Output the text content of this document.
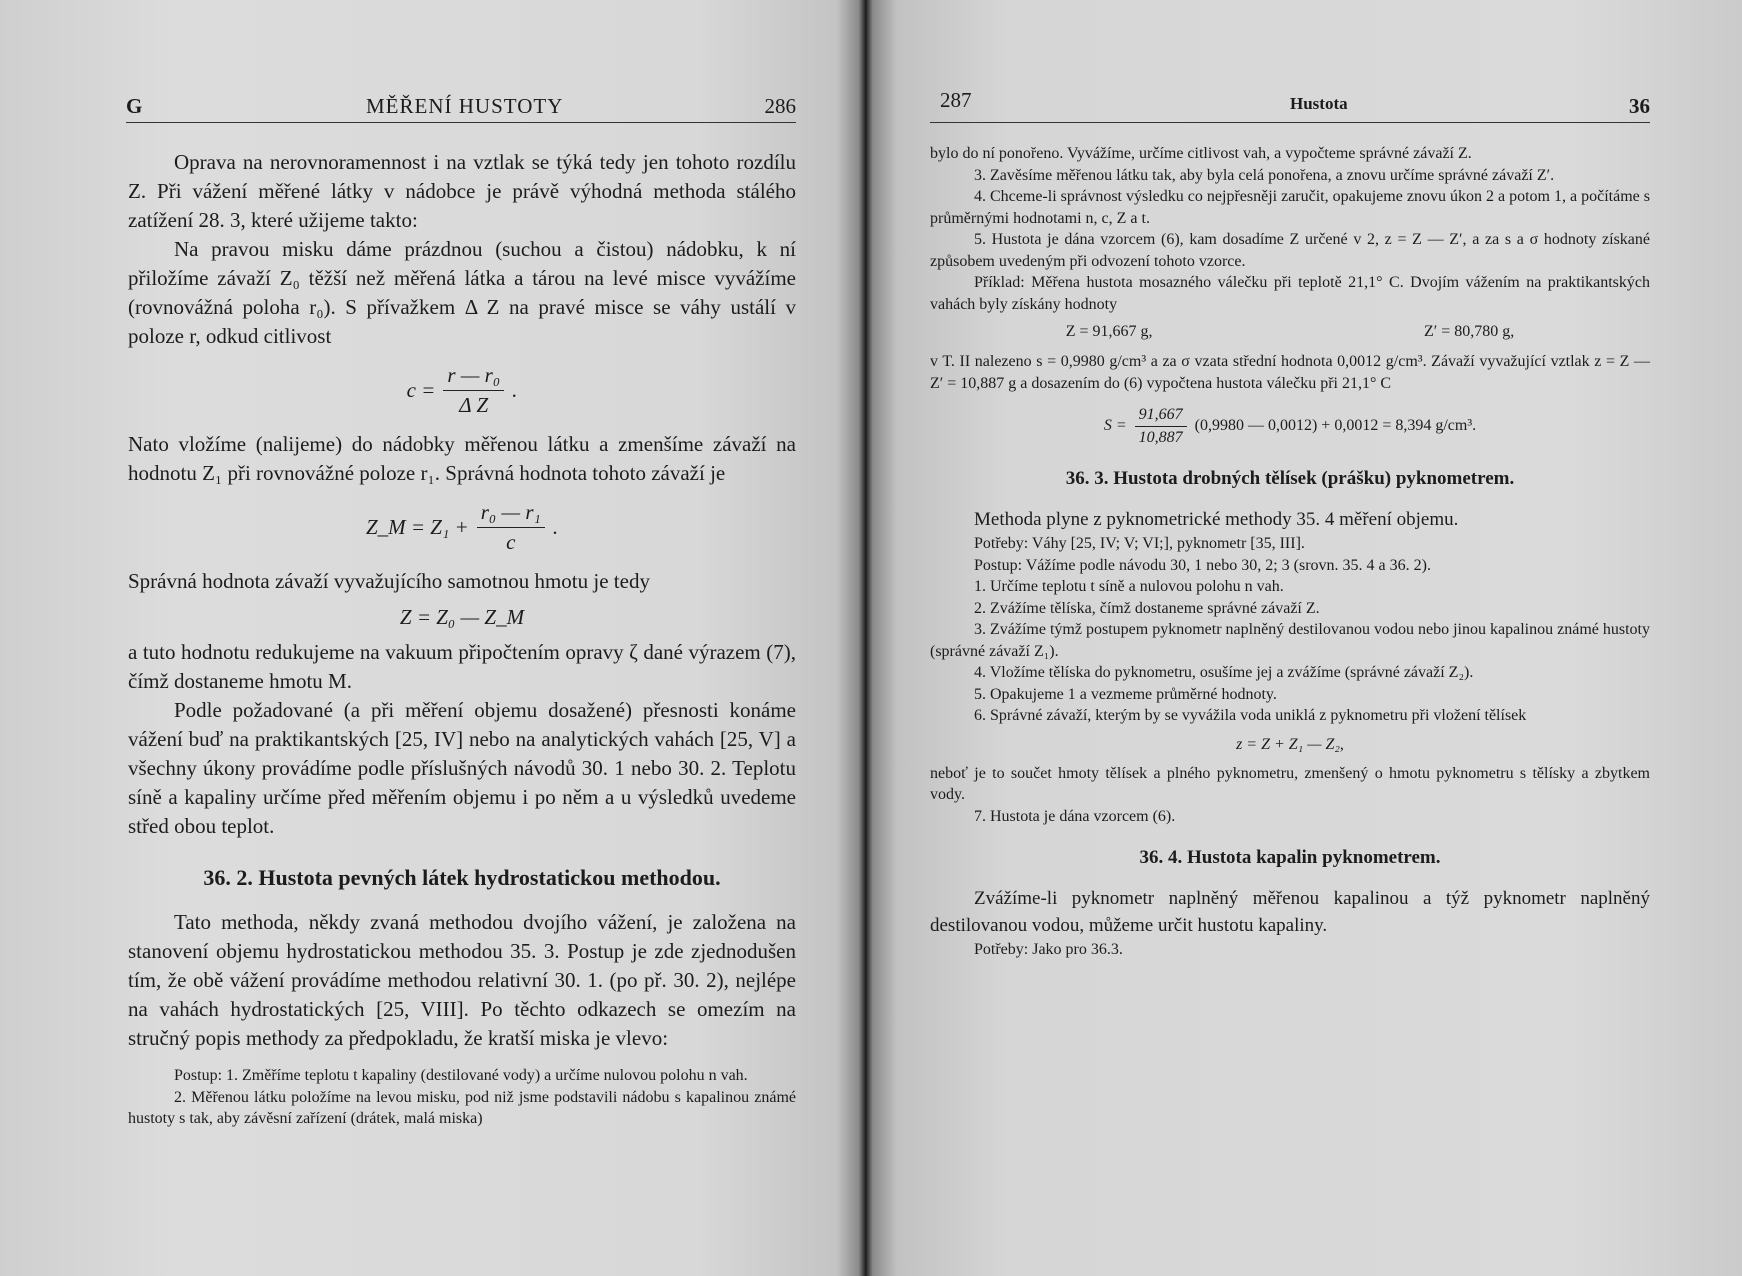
G	MĚŘENÍ HUSTOTY	286

Oprava na nerovnoramennost i na vztlak se týká tedy jen tohoto rozdílu Z. Při vážení měřené látky v nádobce je právě výhodná methoda stálého zatížení 28. 3, které užijeme takto:

Na pravou misku dáme prázdnou (suchou a čistou) nádobku, k ní přiložíme závaží Z₀ těžší než měřená látka a tárou na levé misce vyvážíme (rovnovážná poloha r₀). S přívažkem Δ Z na pravé misce se váhy ustálí v poloze r, odkud citlivost

$c = \frac{\text{r — r₀}}{\text{Δ Z}}$ .

Nato vložíme (nalijeme) do nádobky měřenou látku a zmenšíme závaží na hodnotu Z₁ při rovnovážné poloze r₁. Správná hodnota tohoto závaží je

Z_M = $Z_1 + \frac{\text{r₀ — r₁}}{c}$ .

Správná hodnota závaží vyvažujícího samotnou hmotu je tedy

Z = Z₀ — Z_M

a tuto hodnotu redukujeme na vakuum připočtením opravy ζ dané výrazem (7), čímž dostaneme hmotu M.

Podle požadované (a při měření objemu dosažené) přesnosti konáme vážení buď na praktikantských [25, IV] nebo na analytických vahách [25, V] a všechny úkony provádíme podle příslušných návodů 30. 1 nebo 30. 2. Teplotu síně a kapaliny určíme před měřením objemu i po něm a u výsledků uvedeme střed obou teplot.

36. 2. Hustota pevných látek hydrostatickou methodou.

Tato methoda, někdy zvaná methodou dvojího vážení, je založena na stanovení objemu hydrostatickou methodou 35. 3. Postup je zde zjednodušen tím, že obě vážení provádíme methodou relativní 30. 1. (po př. 30. 2), nejlépe na vahách hydrostatických [25, VIII]. Po těchto odkazech se omezím na stručný popis methody za předpokladu, že kratší miska je vlevo:

Postup: 1. Změříme teplotu t kapaliny (destilované vody) a určíme nulovou polohu n vah.

2. Měřenou látku položíme na levou misku, pod niž jsme podstavili nádobu s kapalinou známé hustoty s tak, aby závěsní zařízení (drátek, malá miska)

287	Hustota	36

bylo do ní ponořeno. Vyvážíme, určíme citlivost vah, a vypočteme správné závaží Z.

3. Zavěsíme měřenou látku tak, aby byla celá ponořena, a znovu určíme správné závaží Z′.

4. Chceme-li správnost výsledku co nejpřesněji zaručit, opakujeme znovu úkon 2 a potom 1, a počítáme s průměrnými hodnotami n, c, Z a t.

5. Hustota je dána vzorcem (6), kam dosadíme Z určené v 2, z = Z — Z′, a za s a σ hodnoty získané způsobem uvedeným při odvození tohoto vzorce.

Příklad: Měřena hustota mosazného válečku při teplotě 21,1° C. Dvojím vážením na praktikantských vahách byly získány hodnoty

Z = 91,667 g,	Z′ = 80,780 g,

v T. II nalezeno s = 0,9980 g/cm³ a za σ vzata střední hodnota 0,0012 g/cm³. Závaží vyvažující vztlak z = Z — Z′ = 10,887 g a dosazením do (6) vypočtena hustota válečku při 21,1° C

$S = \frac{91,667}{10,887} (0,9980$ — 0,0012) + 0,0012 = 8,394 g/cm³.
36. 3. Hustota drobných tělísek (prášku) pyknometrem.

Methoda plyne z pyknometrické methody 35. 4 měření objemu.

Potřeby: Váhy [25, IV; V; VI;], pyknometr [35, III].

Postup: Vážíme podle návodu 30, 1 nebo 30, 2; 3 (srovn. 35. 4 a 36. 2).

1. Určíme teplotu t síně a nulovou polohu n vah.

2. Zvážíme tělíska, čímž dostaneme správné závaží Z.

3. Zvážíme týmž postupem pyknometr naplněný destilovanou vodou nebo jinou kapalinou známé hustoty (správné závaží Z₁).

4. Vložíme tělíska do pyknometru, osušíme jej a zvážíme (správné závaží Z₂).

5. Opakujeme 1 a vezmeme průměrné hodnoty.

6. Správné závaží, kterým by se vyvážila voda uniklá z pyknometru při vložení tělísek

z = Z + Z₁ — Z₂,

neboť je to součet hmoty tělísek a plného pyknometru, zmenšený o hmotu pyknometru s tělísky a zbytkem vody.

7. Hustota je dána vzorcem (6).

36. 4. Hustota kapalin pyknometrem.

Zvážíme-li pyknometr naplněný měřenou kapalinou a týž pyknometr naplněný destilovanou vodou, můžeme určit hustotu kapaliny.

Potřeby: Jako pro 36.3.
